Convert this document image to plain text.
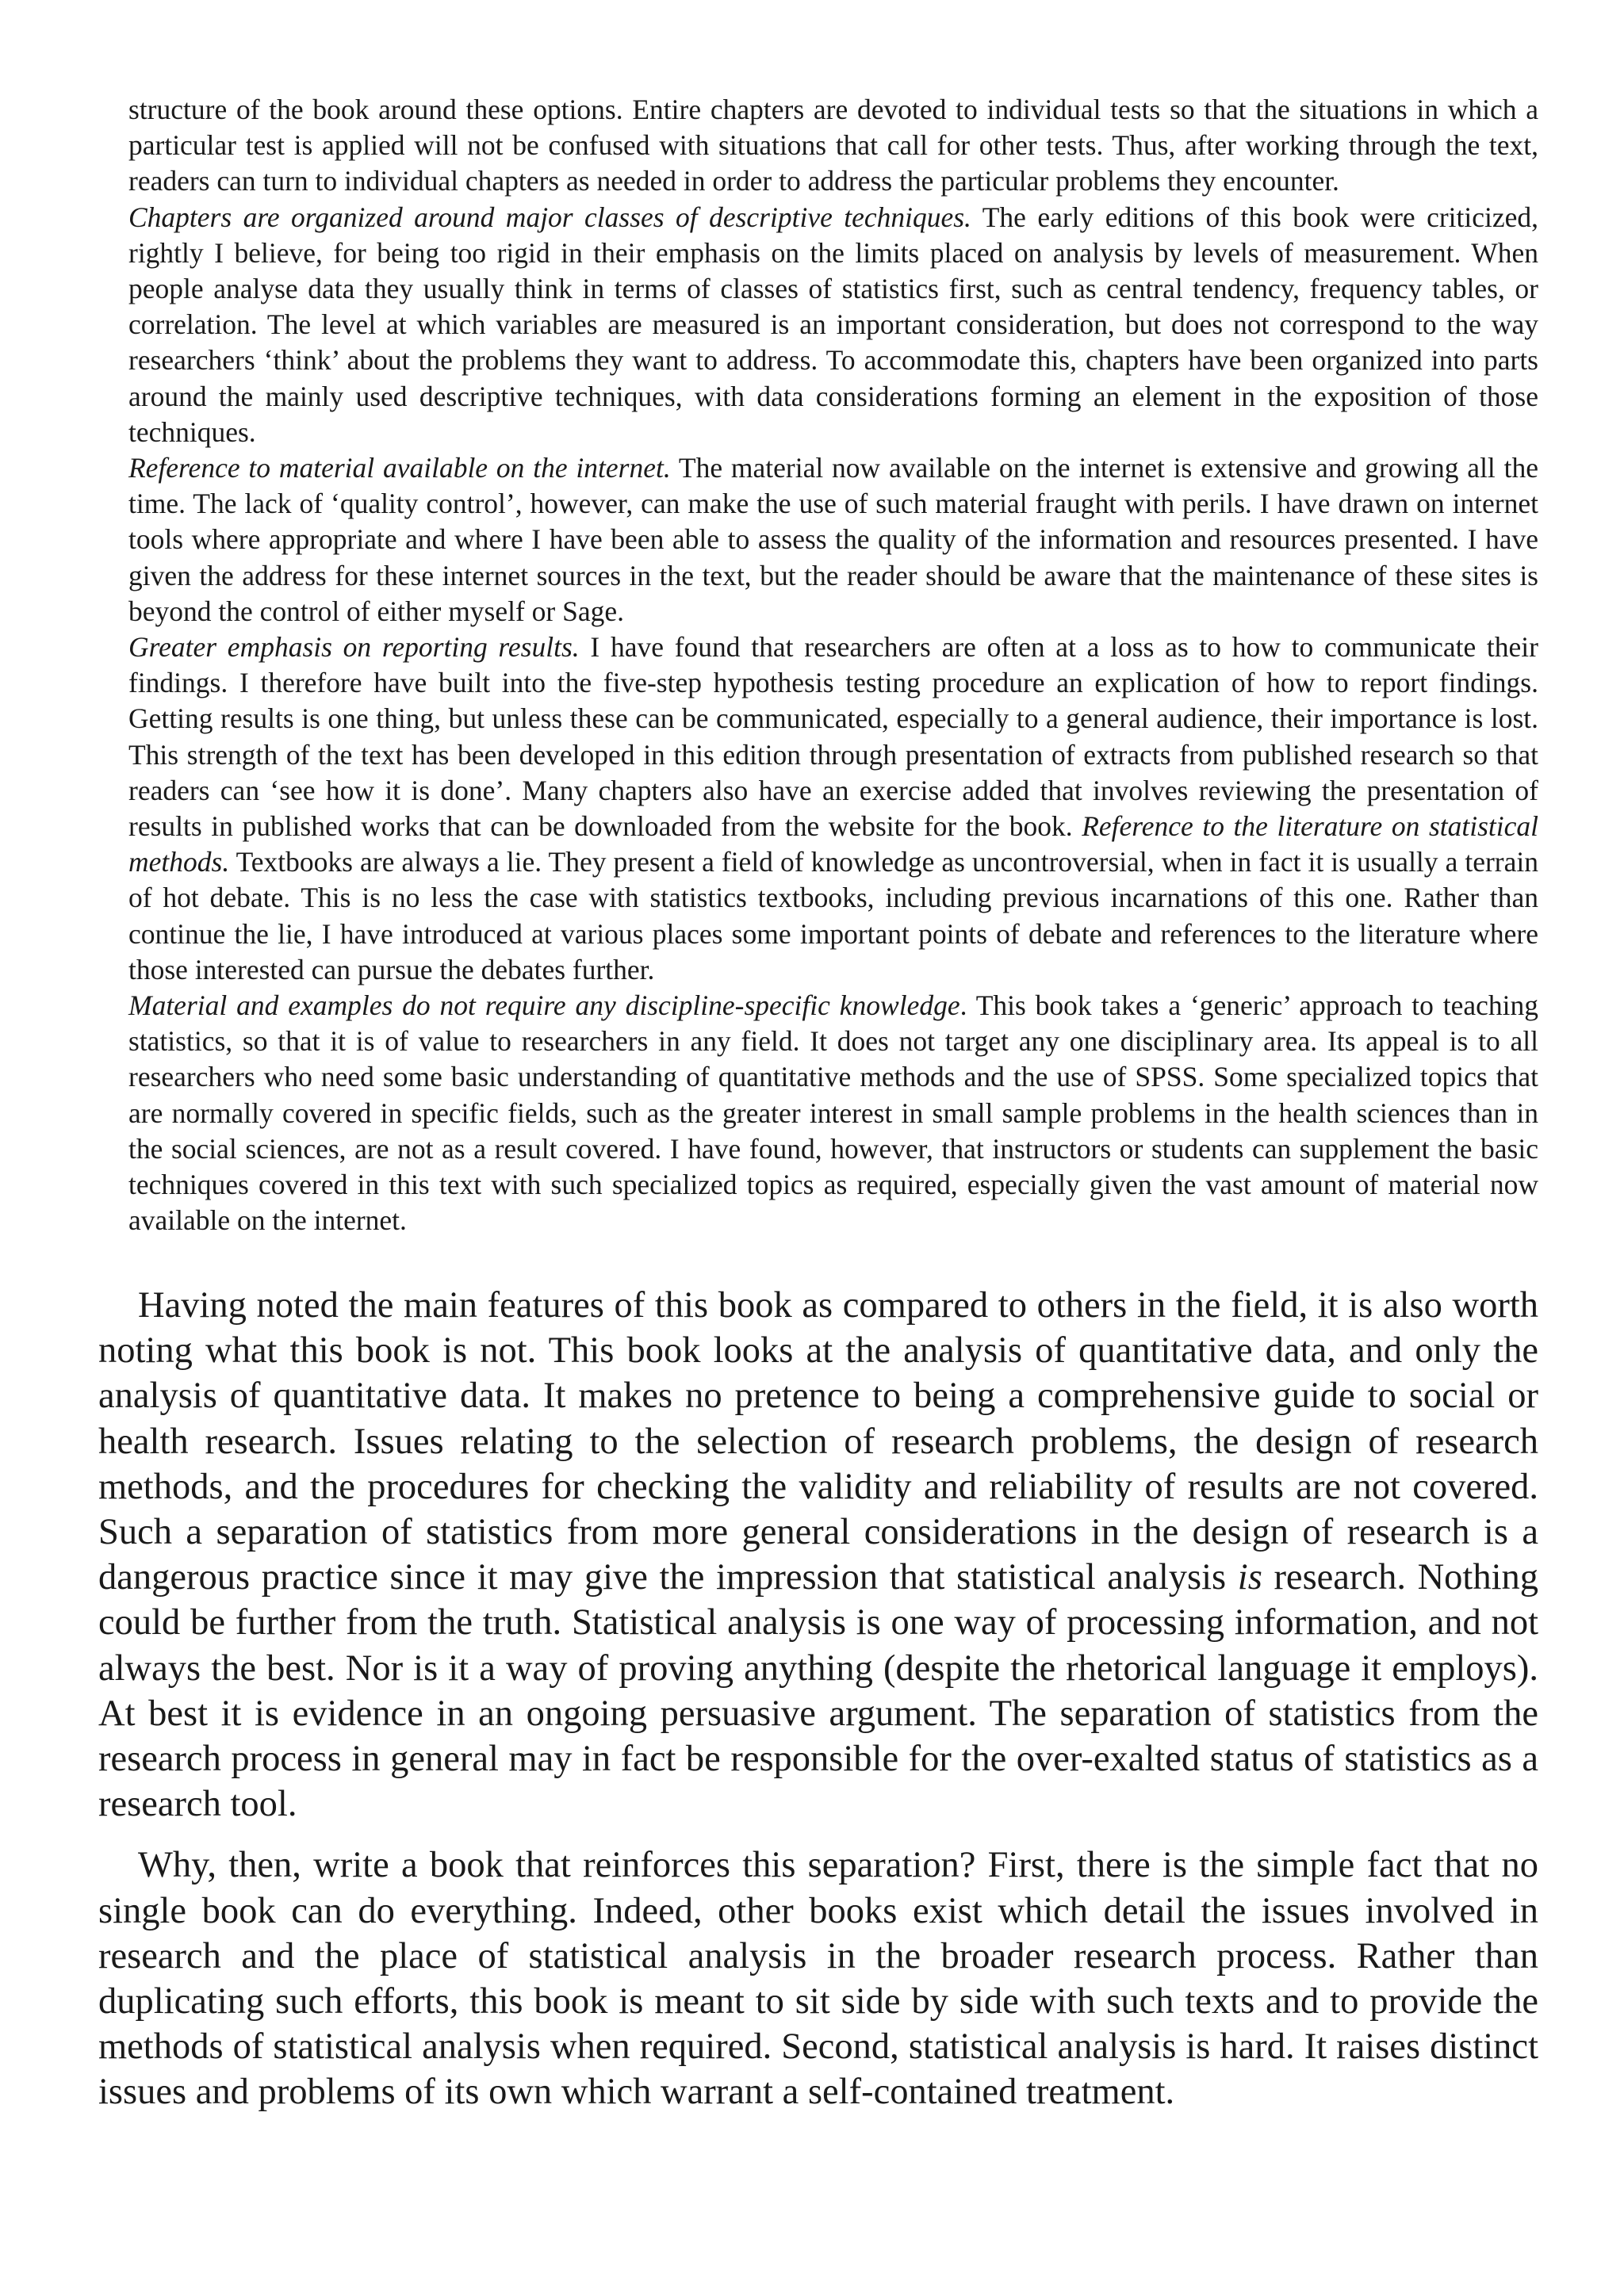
structure of the book around these options. Entire chapters are devoted to individual tests so that the situations in which a particular test is applied will not be confused with situations that call for other tests. Thus, after working through the text, readers can turn to individual chapters as needed in order to address the particular problems they encounter.

Chapters are organized around major classes of descriptive techniques. The early editions of this book were criticized, rightly I believe, for being too rigid in their emphasis on the limits placed on analysis by levels of measurement. When people analyse data they usually think in terms of classes of statistics first, such as central tendency, frequency tables, or correlation. The level at which variables are measured is an important consideration, but does not correspond to the way researchers ‘think’ about the problems they want to address. To accommodate this, chapters have been organized into parts around the mainly used descriptive techniques, with data considerations forming an element in the exposition of those techniques.

Reference to material available on the internet. The material now available on the internet is extensive and growing all the time. The lack of ‘quality control’, however, can make the use of such material fraught with perils. I have drawn on internet tools where appropriate and where I have been able to assess the quality of the information and resources presented. I have given the address for these internet sources in the text, but the reader should be aware that the maintenance of these sites is beyond the control of either myself or Sage.

Greater emphasis on reporting results. I have found that researchers are often at a loss as to how to communicate their findings. I therefore have built into the five-step hypothesis testing procedure an explication of how to report findings. Getting results is one thing, but unless these can be communicated, especially to a general audience, their importance is lost. This strength of the text has been developed in this edition through presentation of extracts from published research so that readers can ‘see how it is done’. Many chapters also have an exercise added that involves reviewing the presentation of results in published works that can be downloaded from the website for the book. Reference to the literature on statistical methods. Textbooks are always a lie. They present a field of knowledge as uncontroversial, when in fact it is usually a terrain of hot debate. This is no less the case with statistics textbooks, including previous incarnations of this one. Rather than continue the lie, I have introduced at various places some important points of debate and references to the literature where those interested can pursue the debates further.

Material and examples do not require any discipline-specific knowledge. This book takes a ‘generic’ approach to teaching statistics, so that it is of value to researchers in any field. It does not target any one disciplinary area. Its appeal is to all researchers who need some basic understanding of quantitative methods and the use of SPSS. Some specialized topics that are normally covered in specific fields, such as the greater interest in small sample problems in the health sciences than in the social sciences, are not as a result covered. I have found, however, that instructors or students can supplement the basic techniques covered in this text with such specialized topics as required, especially given the vast amount of material now available on the internet.

Having noted the main features of this book as compared to others in the field, it is also worth noting what this book is not. This book looks at the analysis of quantitative data, and only the analysis of quantitative data. It makes no pretence to being a comprehensive guide to social or health research. Issues relating to the selection of research problems, the design of research methods, and the procedures for checking the validity and reliability of results are not covered. Such a separation of statistics from more general considerations in the design of research is a dangerous practice since it may give the impression that statistical analysis is research. Nothing could be further from the truth. Statistical analysis is one way of processing information, and not always the best. Nor is it a way of proving anything (despite the rhetorical language it employs). At best it is evidence in an ongoing persuasive argument. The separation of statistics from the research process in general may in fact be responsible for the over-exalted status of statistics as a research tool.

Why, then, write a book that reinforces this separation? First, there is the simple fact that no single book can do everything. Indeed, other books exist which detail the issues involved in research and the place of statistical analysis in the broader research process. Rather than duplicating such efforts, this book is meant to sit side by side with such texts and to provide the methods of statistical analysis when required. Second, statistical analysis is hard. It raises distinct issues and problems of its own which warrant a self-contained treatment.
